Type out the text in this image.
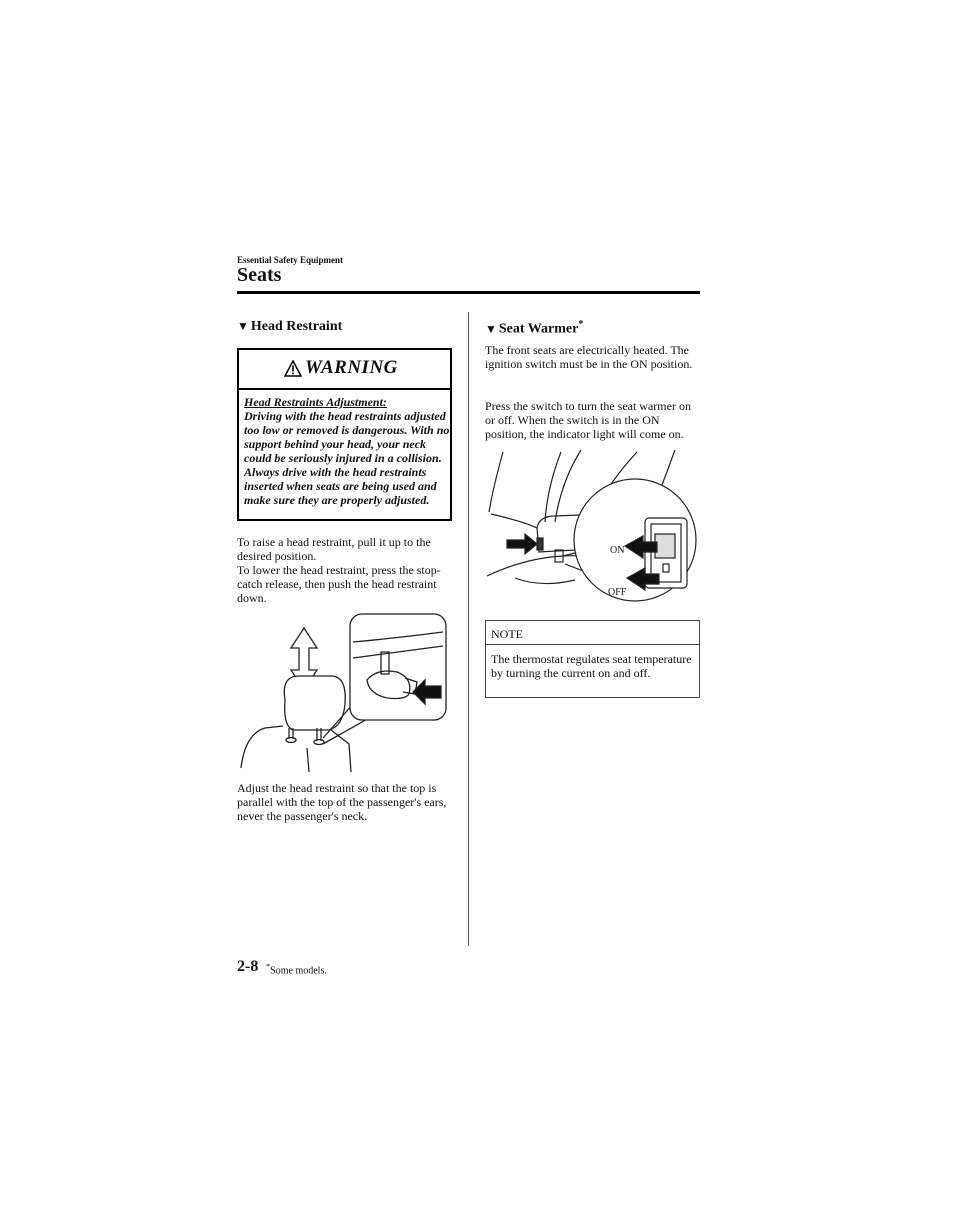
Essential Safety Equipment
Seats
▼ Head Restraint
WARNING
Head Restraints Adjustment:
Driving with the head restraints adjusted too low or removed is dangerous. With no support behind your head, your neck could be seriously injured in a collision. Always drive with the head restraints inserted when seats are being used and make sure they are properly adjusted.

To raise a head restraint, pull it up to the desired position.

To lower the head restraint, press the stop-catch release, then push the head restraint down.

Adjust the head restraint so that the top is parallel with the top of the passenger's ears, never the passenger's neck.
▼ Seat Warmer*
The front seats are electrically heated. The ignition switch must be in the ON position.
Press the switch to turn the seat warmer on or off. When the switch is in the ON position, the indicator light will come on.
ON
OFF
NOTE
The thermostat regulates seat temperature by turning the current on and off.
2-8 *Some models.
